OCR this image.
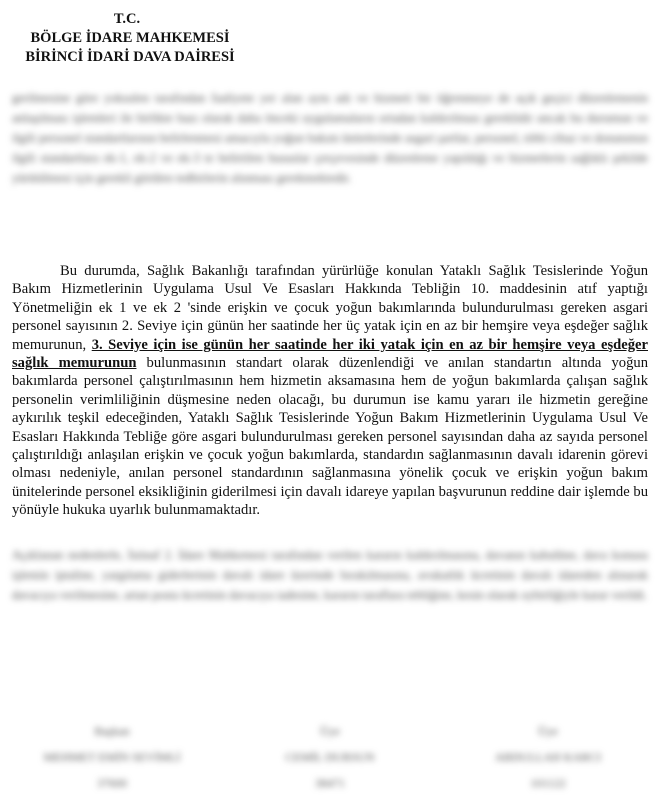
T.C.
BÖLGE İDARE MAHKEMESİ
BİRİNCİ İDARİ DAVA DAİRESİ
gerilmesine göre yoksulen tarafından faaliyete yer alan aynı adı ve hizmeti bir öğrenmeye de açık geçici düzenlemenin anlaşılması işlemleri ile birlikte bazı olarak daha önceki uygulamaların ortadan kaldırılması gereklidir ancak bu durumun ve ilgili personel standartlarının belirlenmesi amacıyla yoğun bakım ünitelerinde asgari şartlar, personel, tıbbi cihaz ve donanımın ilgili standartlara ek-1, ek-2 ve ek-3 te belirtilen hususlar çerçevesinde düzenleme yapıldığı ve hizmetlerin sağlıklı şekilde yürütülmesi için gerekli görülen tedbirlerin alınması gerekmektedir.
Bu durumda, Sağlık Bakanlığı tarafından yürürlüğe konulan Yataklı Sağlık Tesislerinde Yoğun Bakım Hizmetlerinin Uygulama Usul Ve Esasları Hakkında Tebliğin 10. maddesinin atıf yaptığı Yönetmeliğin ek 1 ve ek 2 'sinde erişkin ve çocuk yoğun bakımlarında bulundurulması gereken asgari personel sayısının 2. Seviye için günün her saatinde her üç yatak için en az bir hemşire veya eşdeğer sağlık memurunun, 3. Seviye için ise günün her saatinde her iki yatak için en az bir hemşire veya eşdeğer sağlık memurunun bulunmasının standart olarak düzenlendiği ve anılan standartın altında yoğun bakımlarda personel çalıştırılmasının hem hizmetin aksamasına hem de yoğun bakımlarda çalışan sağlık personelin verimliliğinin düşmesine neden olacağı, bu durumun ise kamu yararı ile hizmetin gereğine aykırılık teşkil edeceğinden, Yataklı Sağlık Tesislerinde Yoğun Bakım Hizmetlerinin Uygulama Usul Ve Esasları Hakkında Tebliğe göre asgari bulundurulması gereken personel sayısından daha az sayıda personel çalıştırıldığı anlaşılan erişkin ve çocuk yoğun bakımlarda, standardın sağlanmasının davalı idarenin görevi olması nedeniyle, anılan personel standardının sağlanmasına yönelik çocuk ve erişkin yoğun bakım ünitelerinde personel eksikliğinin giderilmesi için davalı idareye yapılan başvurunun reddine dair işlemde bu yönüyle hukuka uyarlık bulunmamaktadır.
Açıklanan nedenlerle, İstinaf 2. İdare Mahkemesi tarafından verilen kararın kaldırılmasına, davanın kabulüne, dava konusu işlemin iptaline, yargılama giderlerinin davalı idare üzerinde bırakılmasına, avukatlık ücretinin davalı idareden alınarak davacıya verilmesine, artan posta ücretinin davacıya iadesine, kararın taraflara tebliğine, kesin olarak oybirliğiyle karar verildi.
Başkan
MEHMET EMİN SEVİMLİ
37600
Üye
CEMİL DURSUN
38471
Üye
ABDULLAH KARCI
101122
